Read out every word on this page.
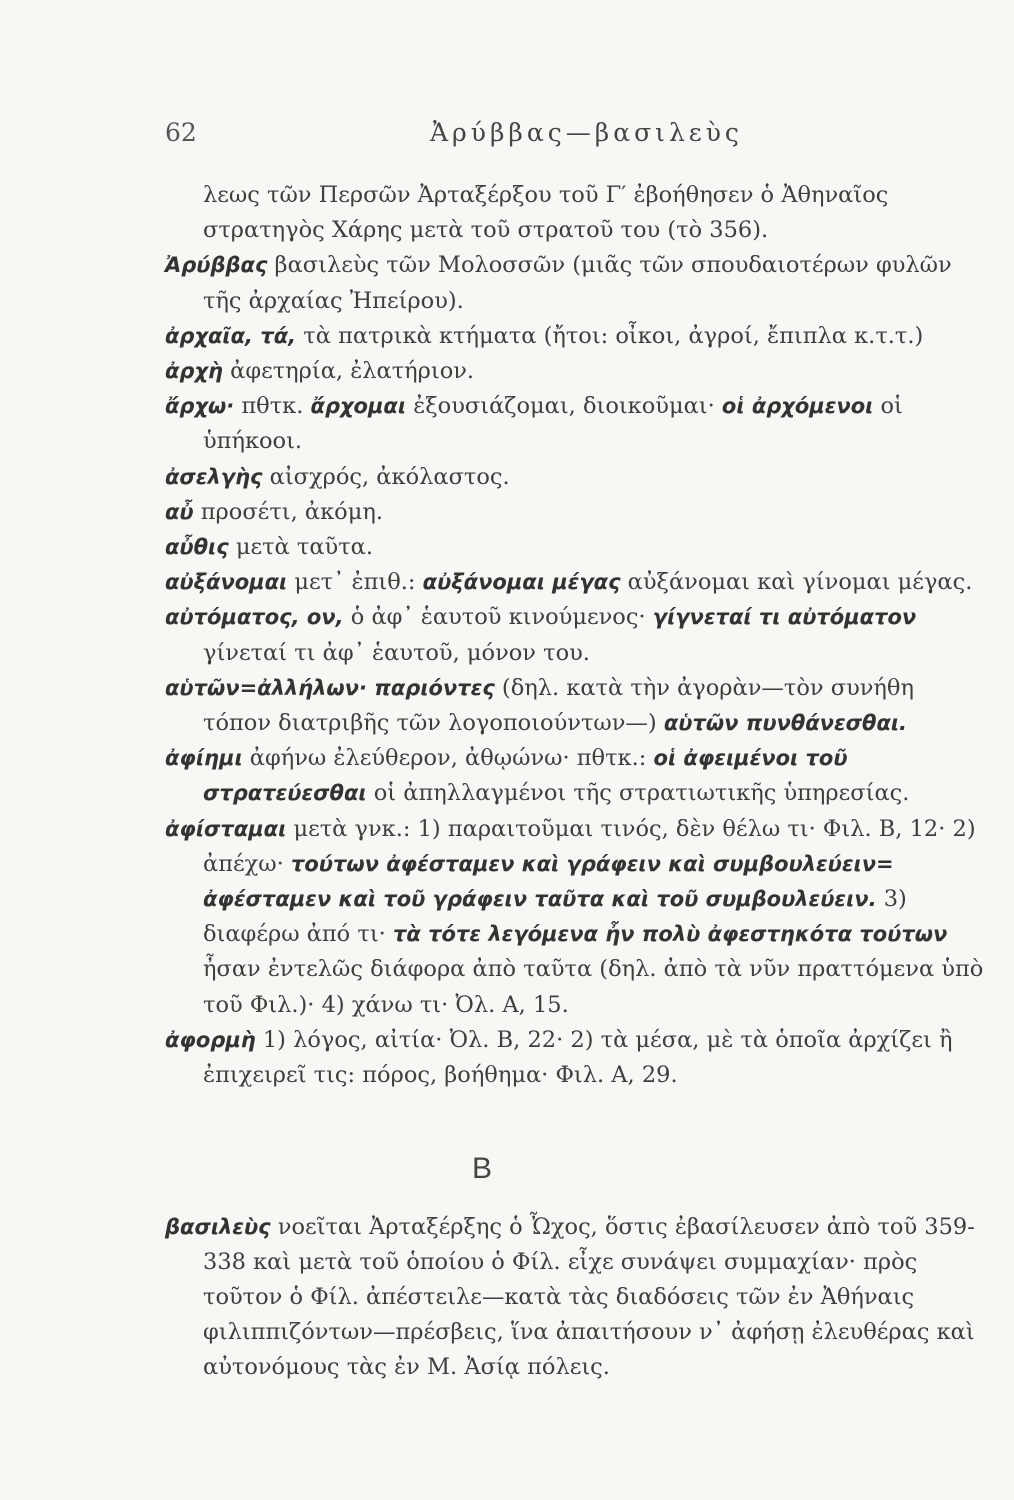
62	Ἀρύββας—βασιλεὺς

λεως τῶν Περσῶν Ἀρταξέρξου τοῦ Γ′ ἐβοήθησεν ὁ Ἀθηναῖος στρατηγὸς Χάρης μετὰ τοῦ στρατοῦ του (τὸ 356).

Ἀρύββας βασιλεὺς τῶν Μολοσσῶν (μιᾶς τῶν σπουδαιοτέρων φυλῶν τῆς ἀρχαίας Ἠπείρου).

ἀρχαῖα, τά, τὰ πατρικὰ κτήματα (ἤτοι: οἶκοι, ἀγροί, ἔπιπλα κ.τ.τ.)

ἀρχὴ ἀφετηρία, ἐλατήριον.

ἄρχω· πθτκ. ἄρχομαι ἐξουσιάζομαι, διοικοῦμαι· οἱ ἀρχόμενοι οἱ ὑπήκοοι.

ἀσελγὴς αἰσχρός, ἀκόλαστος.

αὖ προσέτι, ἀκόμη.

αὖθις μετὰ ταῦτα.

αὐξάνομαι μετ᾽ ἐπιθ.: αὐξάνομαι μέγας αὐξάνομαι καὶ γίνομαι μέγας.

αὐτόματος, ον, ὁ ἀφ᾽ ἑαυτοῦ κινούμενος· γίγνεταί τι αὐτόματον γίνεταί τι ἀφ᾽ ἑαυτοῦ, μόνον του.

αὑτῶν=ἀλλήλων· παριόντες (δηλ. κατὰ τὴν ἀγορὰν—τὸν συνήθη τόπον διατριβῆς τῶν λογοποιούντων—) αὑτῶν πυνθάνεσθαι.

ἀφίημι ἀφήνω ἐλεύθερον, ἀθῳώνω· πθτκ.: οἱ ἀφειμένοι τοῦ στρατεύεσθαι οἱ ἀπηλλαγμένοι τῆς στρατιωτικῆς ὑπηρεσίας.

ἀφίσταμαι μετὰ γνκ.: 1) παραιτοῦμαι τινός, δὲν θέλω τι· Φιλ. Β, 12· 2) ἀπέχω· τούτων ἀφέσταμεν καὶ γράφειν καὶ συμβουλεύειν= ἀφέσταμεν καὶ τοῦ γράφειν ταῦτα καὶ τοῦ συμβουλεύειν. 3) διαφέρω ἀπό τι· τὰ τότε λεγόμενα ἦν πολὺ ἀφεστηκότα τούτων ἦσαν ἐντελῶς διάφορα ἀπὸ ταῦτα (δηλ. ἀπὸ τὰ νῦν πραττόμενα ὑπὸ τοῦ Φιλ.)· 4) χάνω τι· Ὀλ. Α, 15.

ἀφορμὴ 1) λόγος, αἰτία· Ὀλ. Β, 22· 2) τὰ μέσα, μὲ τὰ ὁποῖα ἀρχίζει ἢ ἐπιχειρεῖ τις: πόρος, βοήθημα· Φιλ. Α, 29.

Β

βασιλεὺς νοεῖται Ἀρταξέρξης ὁ Ὦχος, ὅστις ἐβασίλευσεν ἀπὸ τοῦ 359-338 καὶ μετὰ τοῦ ὁποίου ὁ Φίλ. εἶχε συνάψει συμμαχίαν· πρὸς τοῦτον ὁ Φίλ. ἀπέστειλε—κατὰ τὰς διαδόσεις τῶν ἐν Ἀθήναις φιλιππιζόντων—πρέσβεις, ἵνα ἀπαιτήσουν ν᾽ ἀφήσῃ ἐλευθέρας καὶ αὐτονόμους τὰς ἐν Μ. Ἀσίᾳ πόλεις.
